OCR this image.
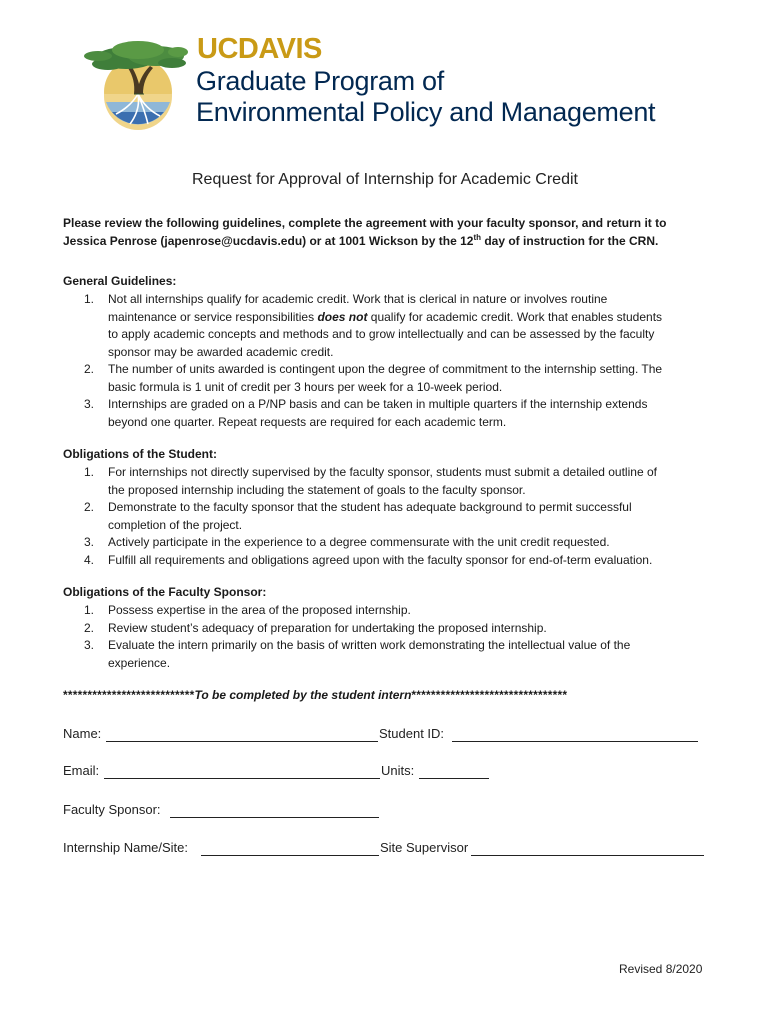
UCDAVIS
Graduate Program of
Environmental Policy and Management
Request for Approval of Internship for Academic Credit
Please review the following guidelines, complete the agreement with your faculty sponsor, and return it to
Jessica Penrose (japenrose@ucdavis.edu) or at 1001 Wickson by the 12th day of instruction for the CRN.
General Guidelines:
1. Not all internships qualify for academic credit. Work that is clerical in nature or involves routine
maintenance or service responsibilities does not qualify for academic credit. Work that enables students
to apply academic concepts and methods and to grow intellectually and can be assessed by the faculty
sponsor may be awarded academic credit.
2. The number of units awarded is contingent upon the degree of commitment to the internship setting. The
basic formula is 1 unit of credit per 3 hours per week for a 10-week period.
3. Internships are graded on a P/NP basis and can be taken in multiple quarters if the internship extends
beyond one quarter. Repeat requests are required for each academic term.
Obligations of the Student:
1. For internships not directly supervised by the faculty sponsor, students must submit a detailed outline of
the proposed internship including the statement of goals to the faculty sponsor.
2. Demonstrate to the faculty sponsor that the student has adequate background to permit successful
completion of the project.
3. Actively participate in the experience to a degree commensurate with the unit credit requested.
4. Fulfill all requirements and obligations agreed upon with the faculty sponsor for end-of-term evaluation.
Obligations of the Faculty Sponsor:
1. Possess expertise in the area of the proposed internship.
2. Review student’s adequacy of preparation for undertaking the proposed internship.
3. Evaluate the intern primarily on the basis of written work demonstrating the intellectual value of the
experience.
***************************To be completed by the student intern********************************
Name:	Student ID:
Email:	Units:
Faculty Sponsor:
Internship Name/Site:	Site Supervisor
Revised 8/2020
